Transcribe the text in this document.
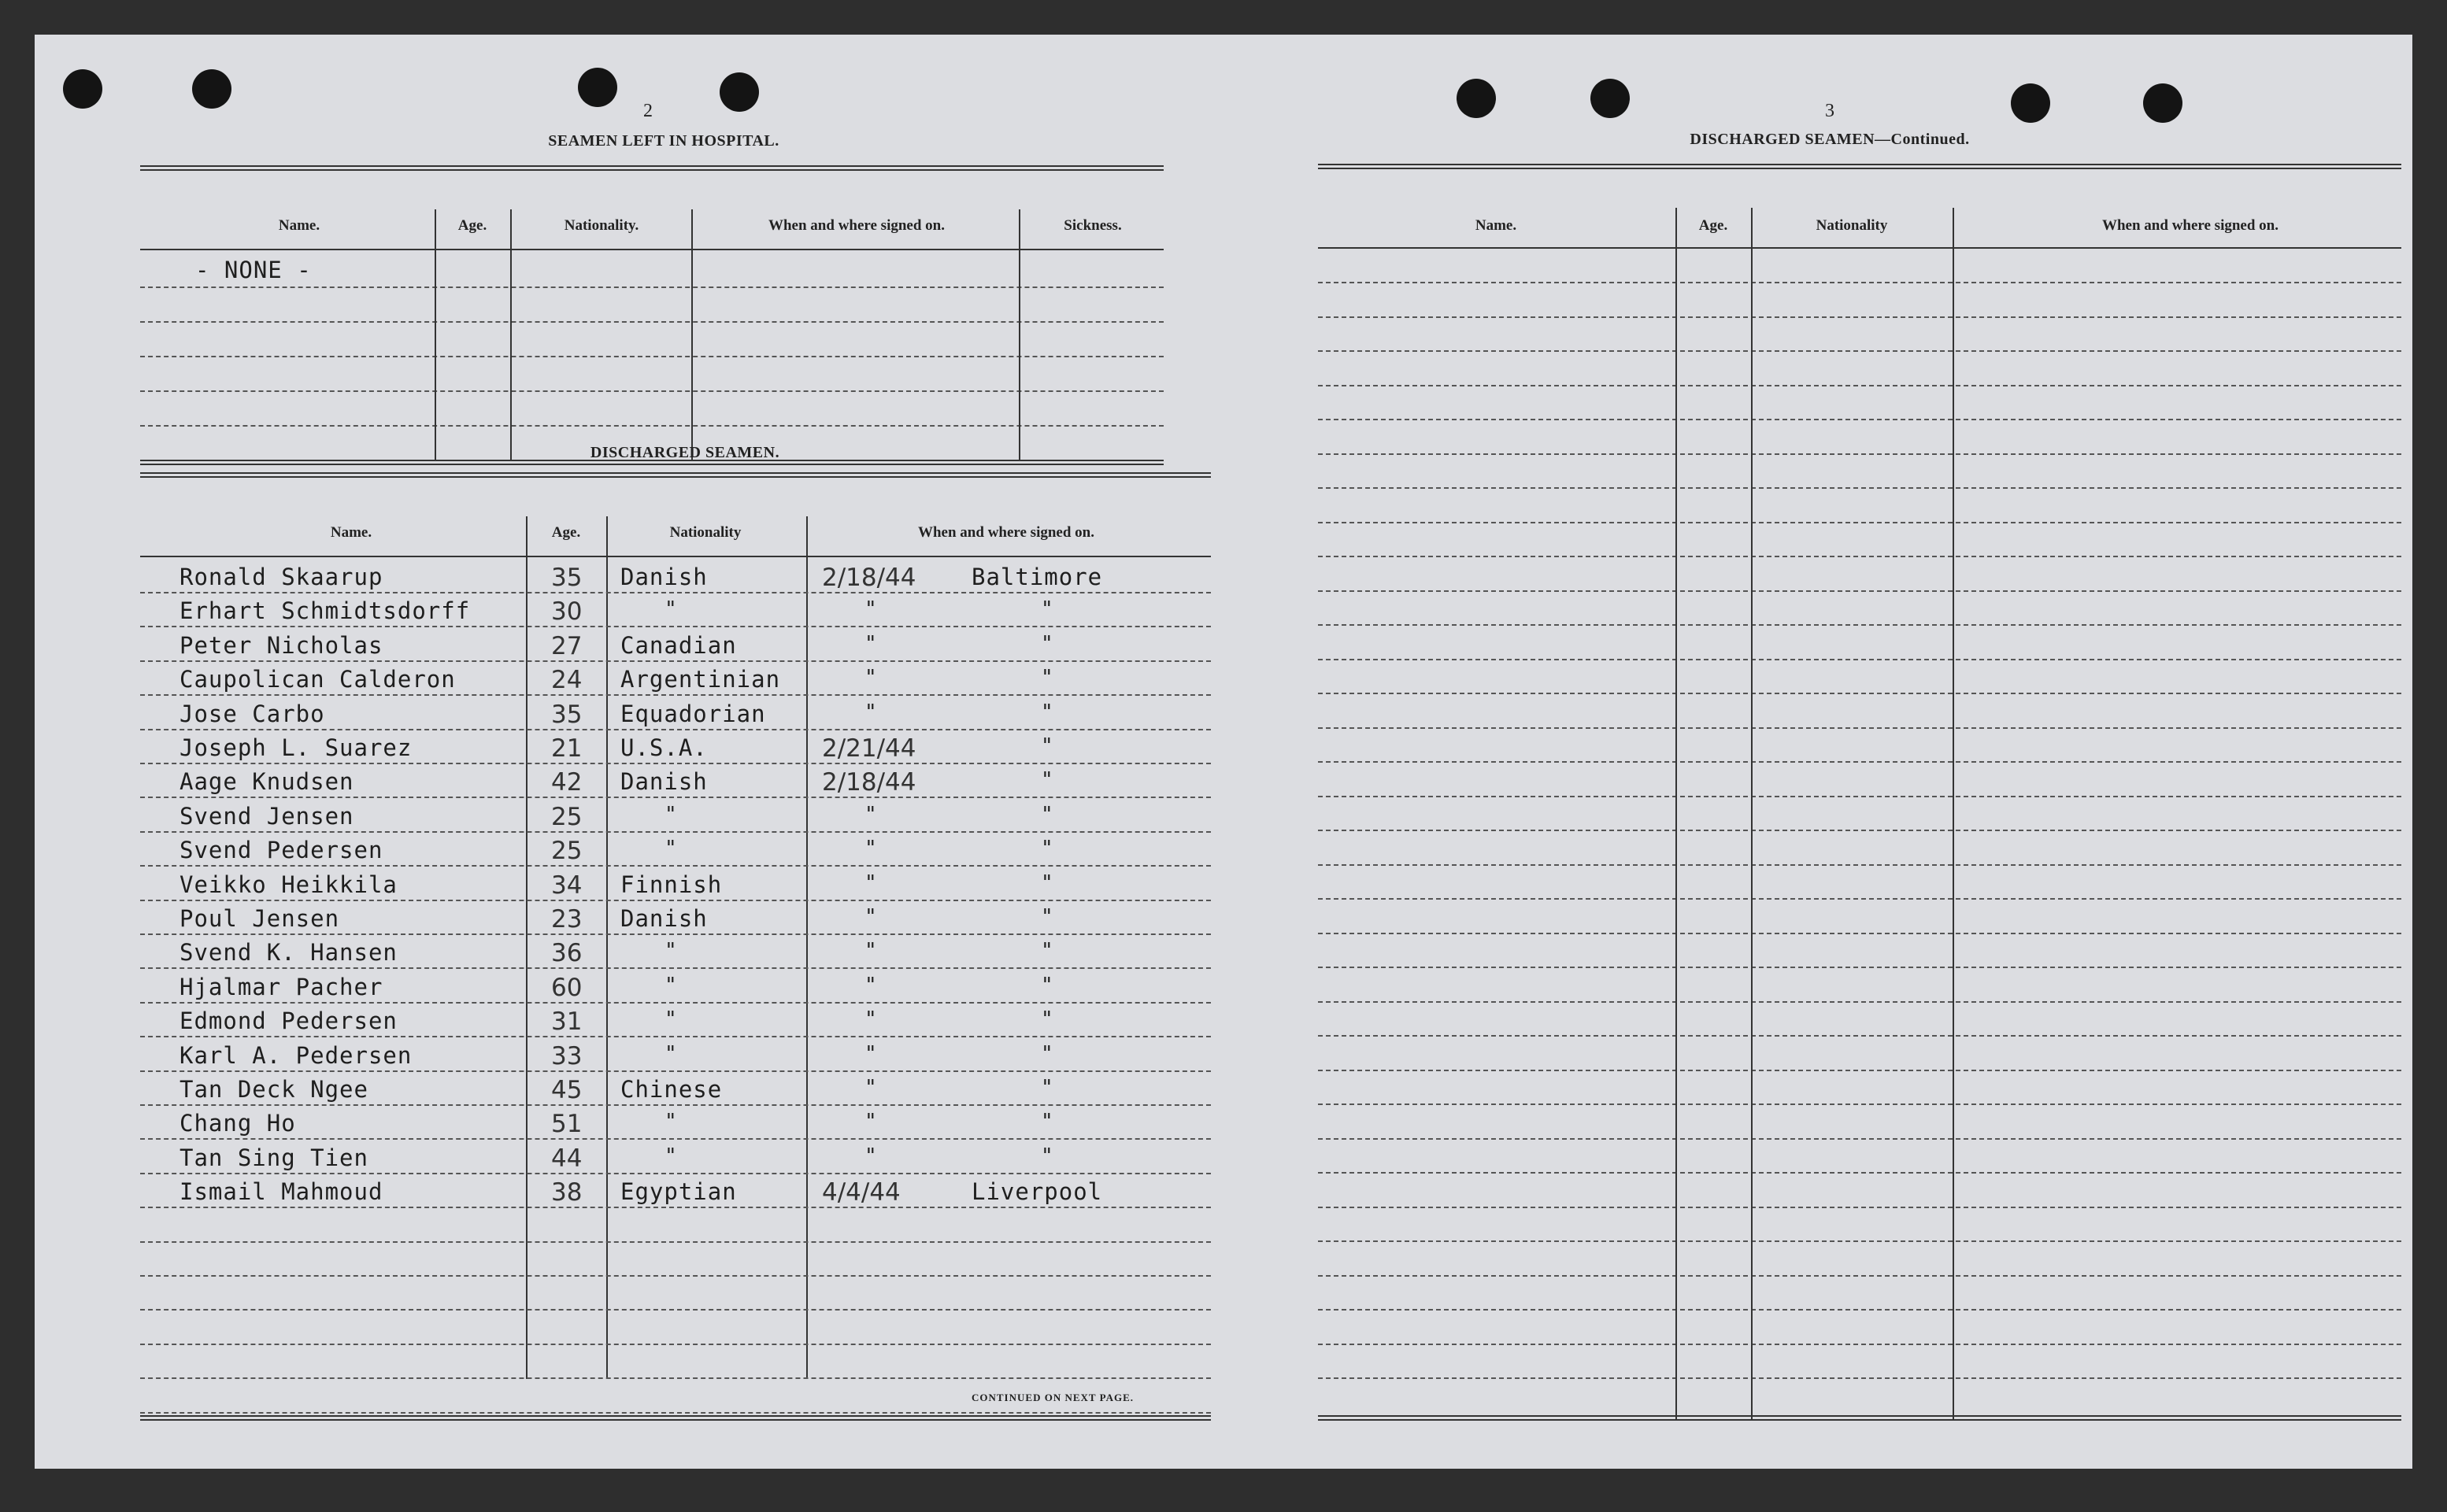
2
SEAMEN LEFT IN HOSPITAL.
Name.	Age.	Nationality.	When and where signed on.	Sickness.
- NONE -
DISCHARGED SEAMEN.
Name.	Age.	Nationality	When and where signed on.
Ronald Skaarup	35 Danish	2/18/44 Baltimore
Erhart Schmidtsdorff	30	"	"	"
Peter Nicholas	27 Canadian	"	"
Caupolican Calderon	24 Argentinian	"	"
Jose Carbo	35 Equadorian	"	"
Joseph L. Suarez	21 U.S.A.	2/21/44	"
Aage Knudsen	42 Danish	2/18/44	"
Svend Jensen	25	"	"	"
Svend Pedersen	25	"	"	"
Veikko Heikkila	34 Finnish	"	"
Poul Jensen	23 Danish	"	"
Svend K. Hansen	36	"	"	"
Hjalmar Pacher	60	"	"	"
Edmond Pedersen	31	"	"	"
Karl A. Pedersen	33	"	"	"
Tan Deck Ngee	45 Chinese	"	"
Chang Ho	51	"	"	"
Tan Sing Tien	44	"	"	"
Ismail Mahmoud	38 Egyptian	4/4/44	Liverpool
CONTINUED ON NEXT PAGE.
3
DISCHARGED SEAMEN—Continued.
Name.	Age.	Nationality	When and where signed on.
